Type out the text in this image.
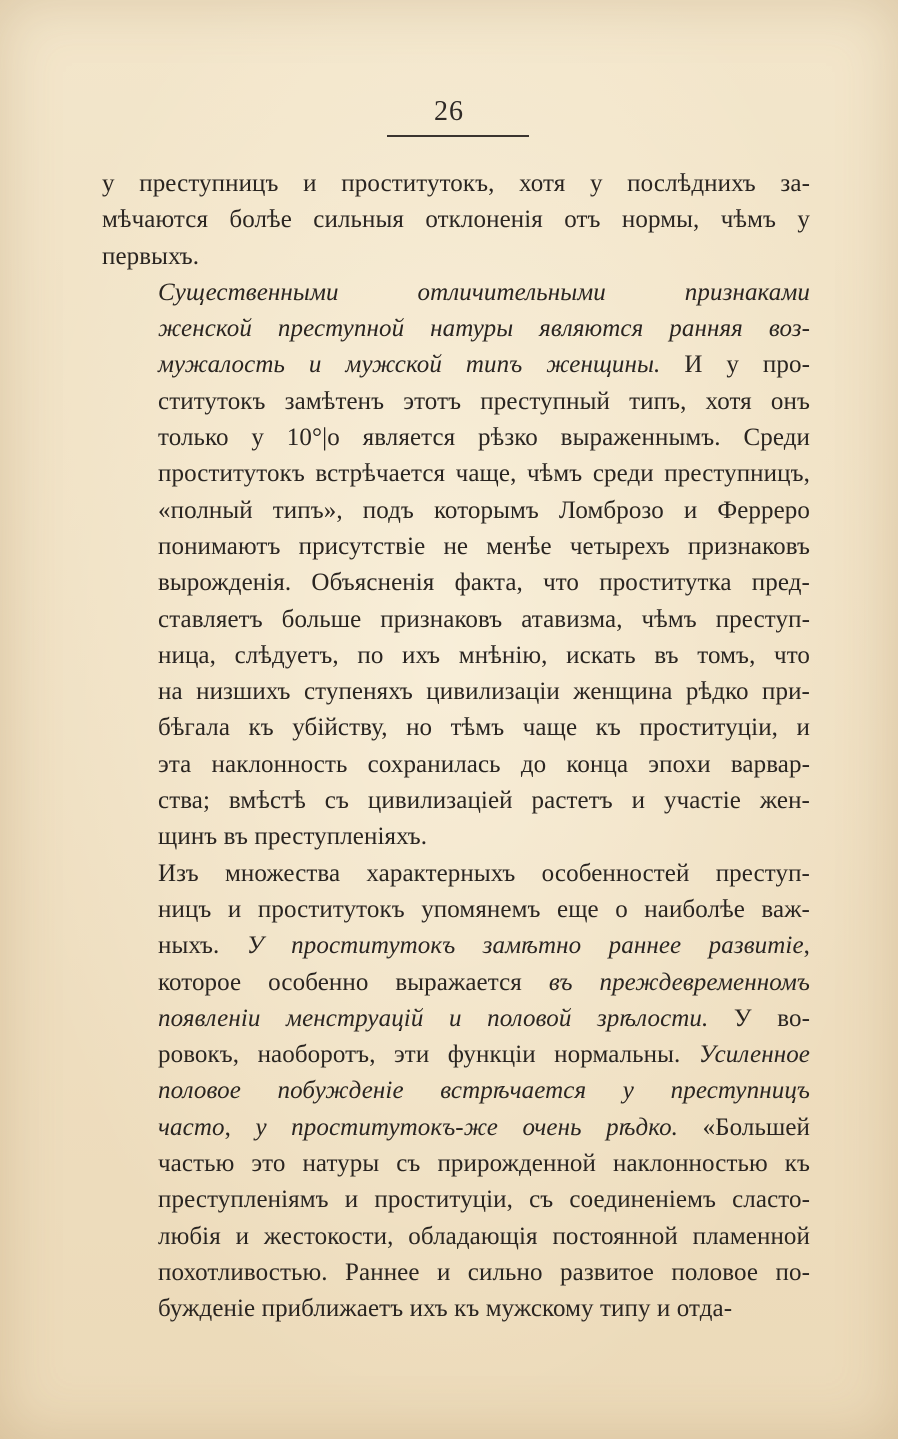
26

у преступницъ и проститутокъ, хотя у послѣднихъ за-
мѣчаются болѣе сильныя отклоненія отъ нормы, чѣмъ у
первыхъ.

Существенными отличительными признаками
женской преступной натуры являются ранняя воз-
мужалость и мужской типъ женщины. И у про-
ститутокъ замѣтенъ этотъ преступный типъ, хотя онъ
только у 10°|o является рѣзко выраженнымъ. Среди
проститутокъ встрѣчается чаще, чѣмъ среди преступницъ,
«полный типъ», подъ которымъ Ломброзо и Ферреро
понимаютъ присутствіе не менѣе четырехъ признаковъ
вырожденія. Объясненія факта, что проститутка пред-
ставляетъ больше признаковъ атавизма, чѣмъ преступ-
ница, слѣдуетъ, по ихъ мнѣнію, искать въ томъ, что
на низшихъ ступеняхъ цивилизаціи женщина рѣдко при-
бѣгала къ убійству, но тѣмъ чаще къ проституціи, и
эта наклонность сохранилась до конца эпохи варвар-
ства; вмѣстѣ съ цивилизаціей растетъ и участіе жен-
щинъ въ преступленіяхъ.

Изъ множества характерныхъ особенностей преступ-
ницъ и проститутокъ упомянемъ еще о наиболѣе важ-
ныхъ. У проститутокъ замѣтно раннее развитіе,
которое особенно выражается въ преждевременномъ
появленіи менструацій и половой зрѣлости. У во-
ровокъ, наоборотъ, эти функціи нормальны. Усиленное
половое побужденіе встрѣчается у преступницъ
часто, у проститутокъ-же очень рѣдко. «Большей
частью это натуры съ прирожденной наклонностью къ
преступленіямъ и проституціи, съ соединеніемъ сласто-
любія и жестокости, обладающія постоянной пламенной
похотливостью. Раннее и сильно развитое половое по-
бужденіе приближаетъ ихъ къ мужскому типу и отда-
